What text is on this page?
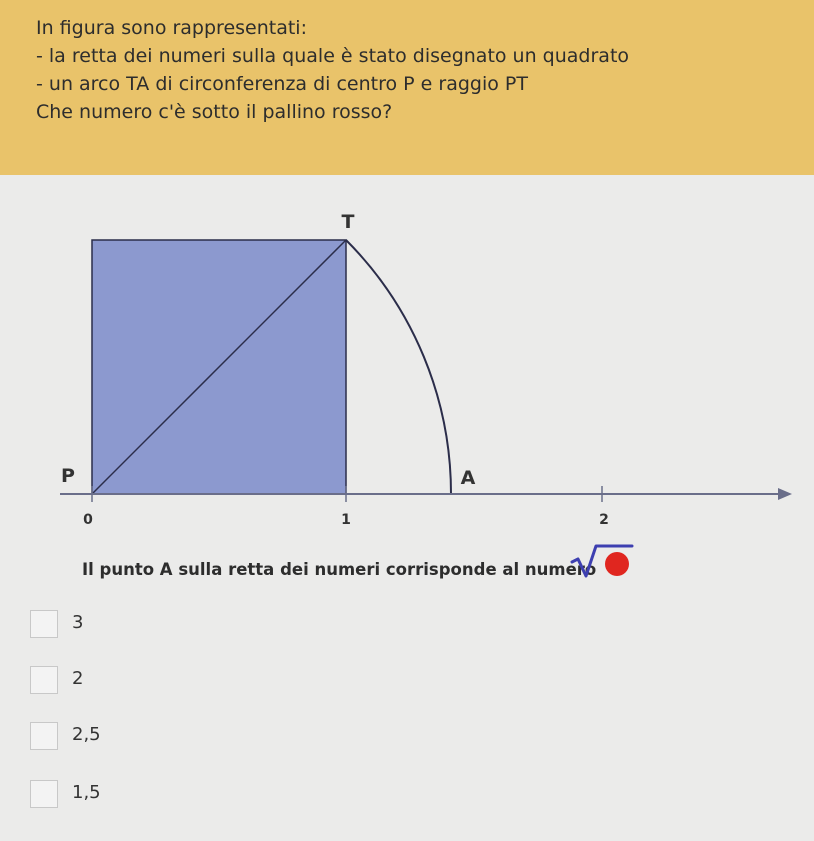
In figura sono rappresentati:
- la retta dei numeri sulla quale è stato disegnato un quadrato
- un arco TA di circonferenza di centro P e raggio PT
Che numero c'è sotto il pallino rosso?
T
P	A
0	1	2
Il punto A sulla retta dei numeri corrisponde al numero
3
2
2,5
1,5
